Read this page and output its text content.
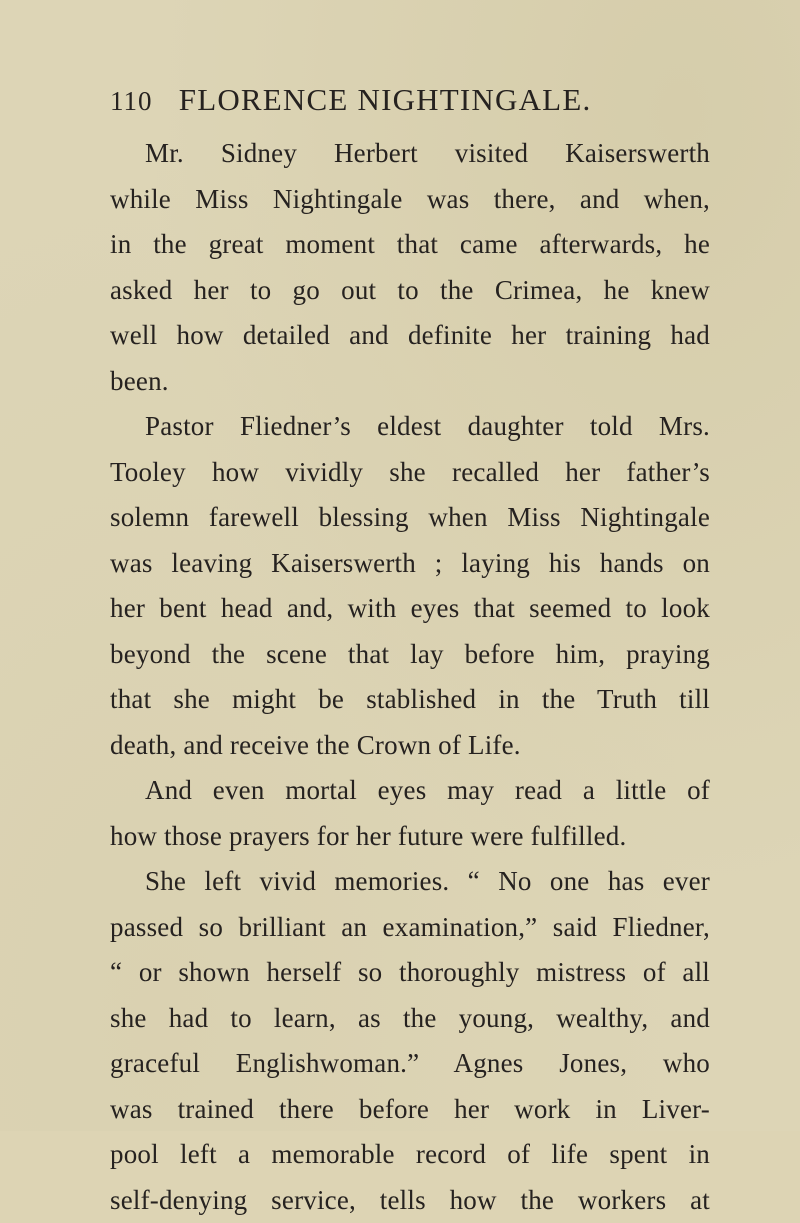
110 FLORENCE NIGHTINGALE.
Mr. Sidney Herbert visited Kaiserswerth
while Miss Nightingale was there, and when,
in the great moment that came afterwards, he
asked her to go out to the Crimea, he knew
well how detailed and definite her training had
been.
Pastor Fliedner’s eldest daughter told Mrs.
Tooley how vividly she recalled her father’s
solemn farewell blessing when Miss Nightingale
was leaving Kaiserswerth ; laying his hands on
her bent head and, with eyes that seemed to look
beyond the scene that lay before him, praying
that she might be stablished in the Truth till
death, and receive the Crown of Life.
And even mortal eyes may read a little of
how those prayers for her future were fulfilled.
She left vivid memories. “ No one has ever
passed so brilliant an examination,” said Fliedner,
“ or shown herself so thoroughly mistress of all
she had to learn, as the young, wealthy, and
graceful Englishwoman.” Agnes Jones, who
was trained there before her work in Liver-
pool left a memorable record of life spent in
self-denying service, tells how the workers at
